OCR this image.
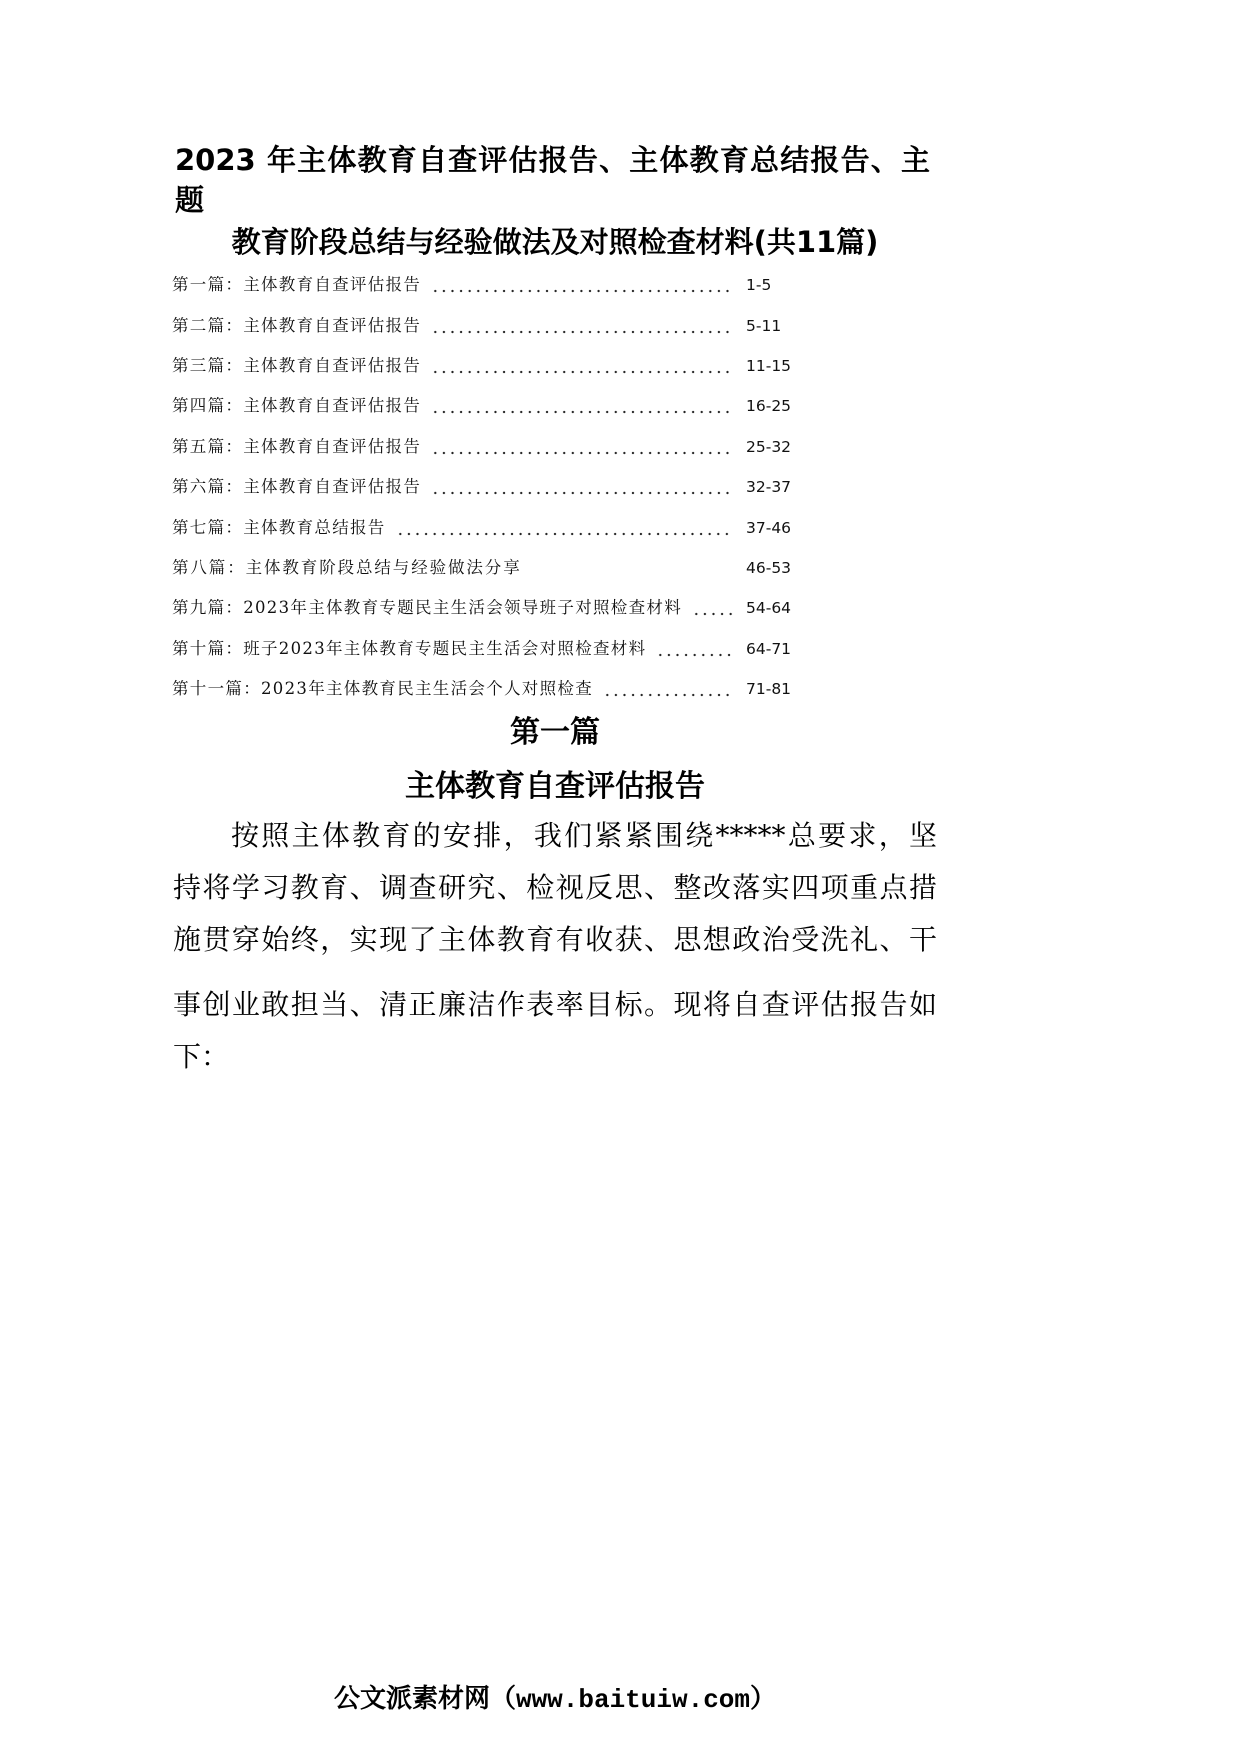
2023 年主体教育自查评估报告、主体教育总结报告、主题
教育阶段总结与经验做法及对照检查材料(共11篇)
第一篇：主体教育自查评估报告	1-5
第二篇：主体教育自查评估报告	5-11
第三篇：主体教育自查评估报告	11-15
第四篇：主体教育自查评估报告	16-25
第五篇：主体教育自查评估报告	25-32
第六篇：主体教育自查评估报告	32-37
第七篇：主体教育总结报告	37-46
第八篇：主体教育阶段总结与经验做法分享	46-53
第九篇：2023年主体教育专题民主生活会领导班子对照检查材料	54-64
第十篇：班子2023年主体教育专题民主生活会对照检查材料	64-71
第十一篇：2023年主体教育民主生活会个人对照检查	71-81
第一篇
主体教育自查评估报告
按照主体教育的安排，我们紧紧围绕*****总要求，坚
持将学习教育、调查研究、检视反思、整改落实四项重点措
施贯穿始终，实现了主体教育有收获、思想政治受洗礼、干
事创业敢担当、清正廉洁作表率目标。现将自查评估报告如
下：
公文派素材网（www.baituiw.com）
